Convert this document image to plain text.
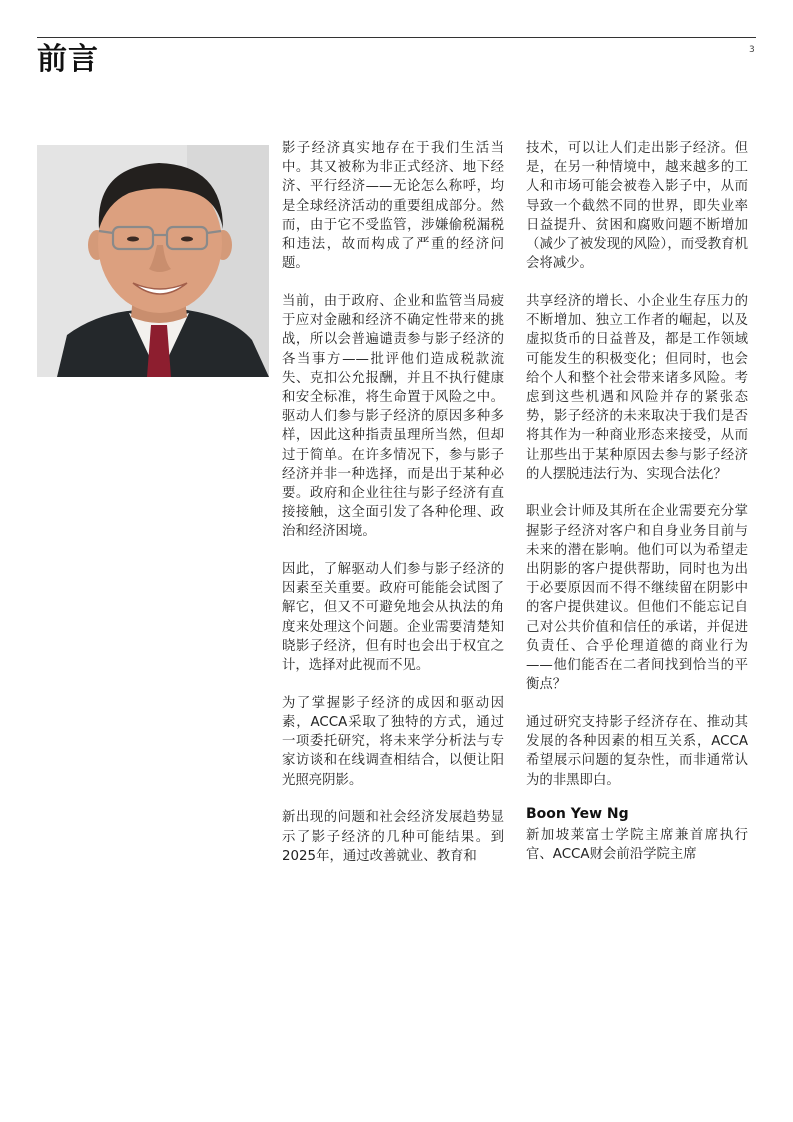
前言	3

影子经济真实地存在于我们生活当中。其又被称为非正式经济、地下经济、平行经济——无论怎么称呼，均是全球经济活动的重要组成部分。然而，由于它不受监管，涉嫌偷税漏税和违法，故而构成了严重的经济问题。

当前，由于政府、企业和监管当局疲于应对金融和经济不确定性带来的挑战，所以会普遍谴责参与影子经济的各当事方——批评他们造成税款流失、克扣公允报酬，并且不执行健康和安全标准，将生命置于风险之中。驱动人们参与影子经济的原因多种多样，因此这种指责虽理所当然，但却过于简单。在许多情况下，参与影子经济并非一种选择，而是出于某种必要。政府和企业往往与影子经济有直接接触，这全面引发了各种伦理、政治和经济困境。

因此，了解驱动人们参与影子经济的因素至关重要。政府可能能会试图了解它，但又不可避免地会从执法的角度来处理这个问题。企业需要清楚知晓影子经济，但有时也会出于权宜之计，选择对此视而不见。

为了掌握影子经济的成因和驱动因素，ACCA采取了独特的方式，通过一项委托研究，将未来学分析法与专家访谈和在线调查相结合，以便让阳光照亮阴影。

新出现的问题和社会经济发展趋势显示了影子经济的几种可能结果。到2025年，通过改善就业、教育和

技术，可以让人们走出影子经济。但是，在另一种情境中，越来越多的工人和市场可能会被卷入影子中，从而导致一个截然不同的世界，即失业率日益提升、贫困和腐败问题不断增加（减少了被发现的风险），而受教育机会将减少。

共享经济的增长、小企业生存压力的不断增加、独立工作者的崛起，以及虚拟货币的日益普及，都是工作领域可能发生的积极变化；但同时，也会给个人和整个社会带来诸多风险。考虑到这些机遇和风险并存的紧张态势，影子经济的未来取决于我们是否将其作为一种商业形态来接受，从而让那些出于某种原因去参与影子经济的人摆脱违法行为、实现合法化？

职业会计师及其所在企业需要充分掌握影子经济对客户和自身业务目前与未来的潜在影响。他们可以为希望走出阴影的客户提供帮助，同时也为出于必要原因而不得不继续留在阴影中的客户提供建议。但他们不能忘记自己对公共价值和信任的承诺，并促进负责任、合乎伦理道德的商业行为——他们能否在二者间找到恰当的平衡点？

通过研究支持影子经济存在、推动其发展的各种因素的相互关系，ACCA希望展示问题的复杂性，而非通常认为的非黑即白。

Boon Yew Ng

新加坡莱富士学院主席兼首席执行官、ACCA财会前沿学院主席
